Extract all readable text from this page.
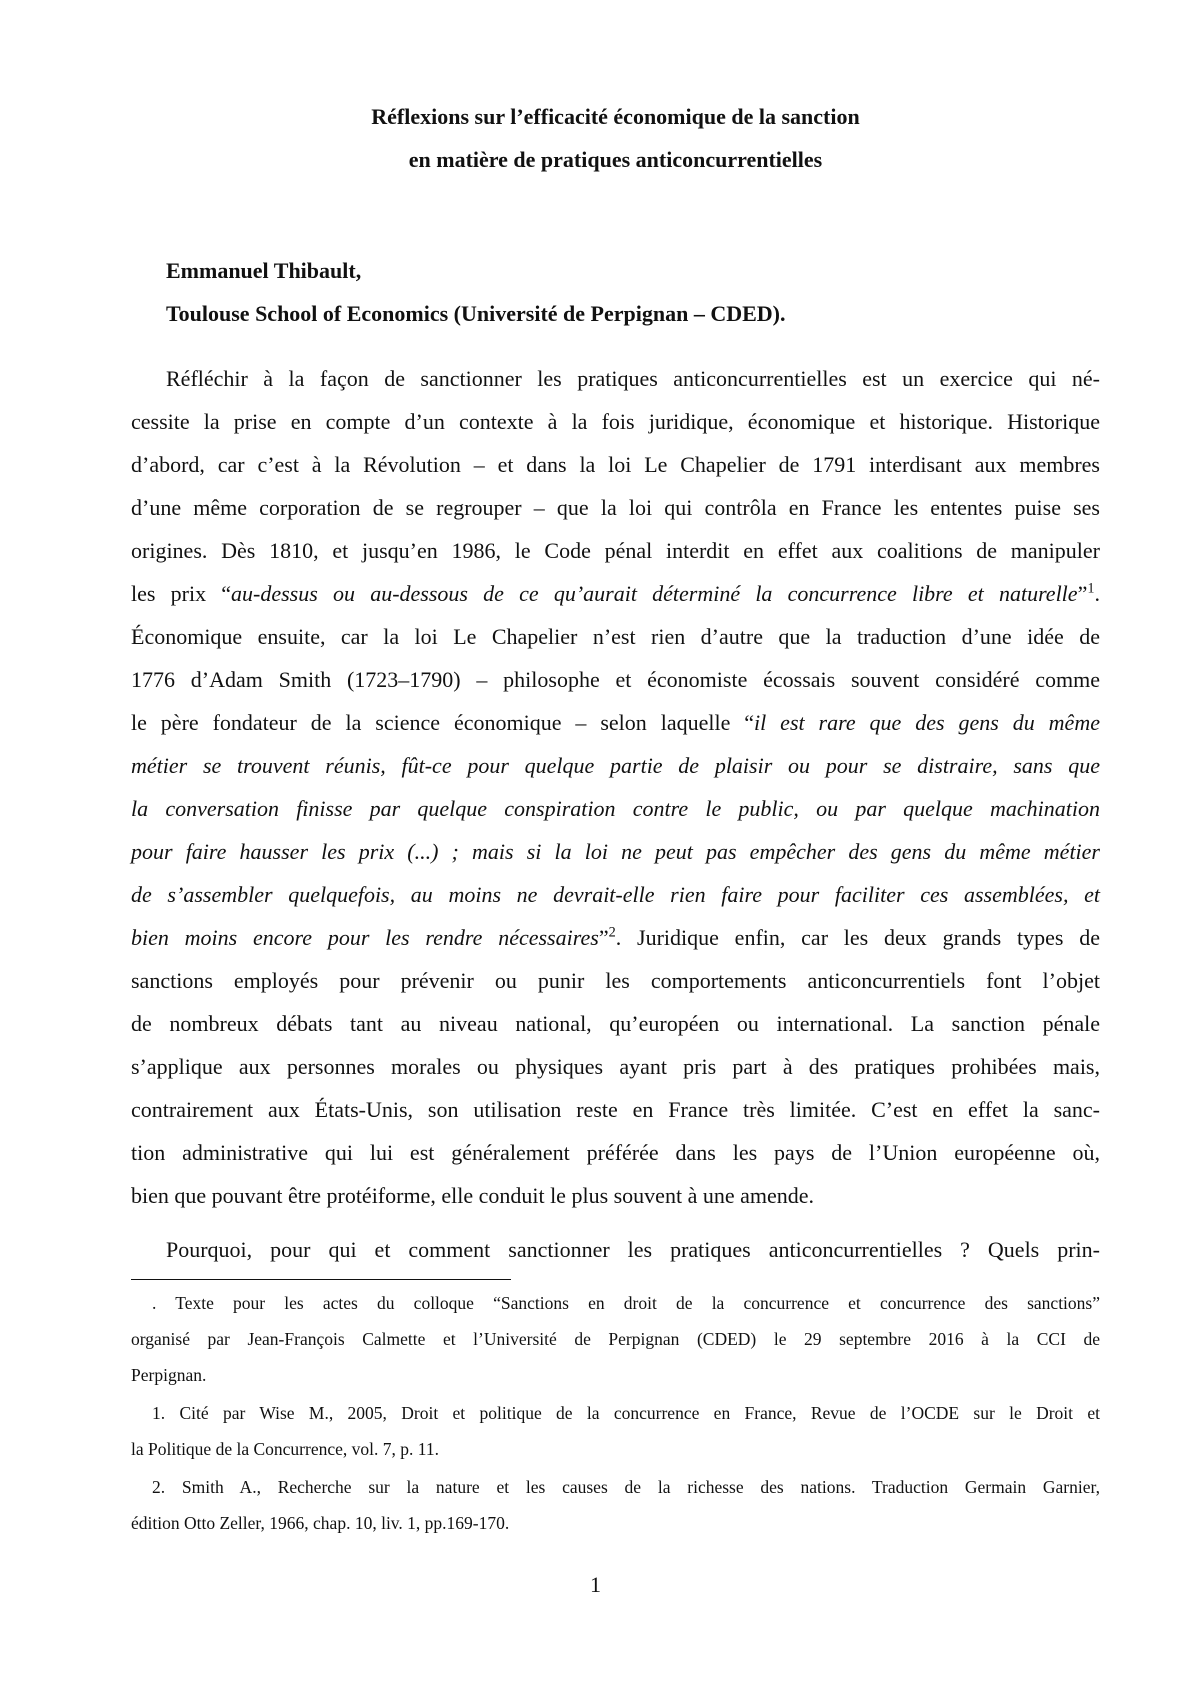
Réflexions sur l’efficacité économique de la sanction
en matière de pratiques anticoncurrentielles
Emmanuel Thibault,
Toulouse School of Economics (Université de Perpignan – CDED).
Réfléchir à la façon de sanctionner les pratiques anticoncurrentielles est un exercice qui né-
cessite la prise en compte d’un contexte à la fois juridique, économique et historique. Historique
d’abord, car c’est à la Révolution – et dans la loi Le Chapelier de 1791 interdisant aux membres
d’une même corporation de se regrouper – que la loi qui contrôla en France les ententes puise ses
origines. Dès 1810, et jusqu’en 1986, le Code pénal interdit en effet aux coalitions de manipuler
les prix “au-dessus ou au-dessous de ce qu’aurait déterminé la concurrence libre et naturelle”$^1$.
Économique ensuite, car la loi Le Chapelier n’est rien d’autre que la traduction d’une idée de
1776 d’Adam Smith (1723–1790) – philosophe et économiste écossais souvent considéré comme
le père fondateur de la science économique – selon laquelle “il est rare que des gens du même
métier se trouvent réunis, fût-ce pour quelque partie de plaisir ou pour se distraire, sans que
la conversation finisse par quelque conspiration contre le public, ou par quelque machination
pour faire hausser les prix (...) ; mais si la loi ne peut pas empêcher des gens du même métier
de s’assembler quelquefois, au moins ne devrait-elle rien faire pour faciliter ces assemblées, et
bien moins encore pour les rendre nécessaires”$^2$. Juridique enfin, car les deux grands types de
sanctions employés pour prévenir ou punir les comportements anticoncurrentiels font l’objet
de nombreux débats tant au niveau national, qu’européen ou international. La sanction pénale
s’applique aux personnes morales ou physiques ayant pris part à des pratiques prohibées mais,
contrairement aux États-Unis, son utilisation reste en France très limitée. C’est en effet la sanc-
tion administrative qui lui est généralement préférée dans les pays de l’Union européenne où,
bien que pouvant être protéiforme, elle conduit le plus souvent à une amende.
Pourquoi, pour qui et comment sanctionner les pratiques anticoncurrentielles ? Quels prin-
. Texte pour les actes du colloque “Sanctions en droit de la concurrence et concurrence des sanctions”
organisé par Jean-François Calmette et l’Université de Perpignan (CDED) le 29 septembre 2016 à la CCI de
Perpignan.
1. Cité par Wise M., 2005, Droit et politique de la concurrence en France, Revue de l’OCDE sur le Droit et
la Politique de la Concurrence, vol. 7, p. 11.
2. Smith A., Recherche sur la nature et les causes de la richesse des nations. Traduction Germain Garnier,
édition Otto Zeller, 1966, chap. 10, liv. 1, pp.169-170.
1
